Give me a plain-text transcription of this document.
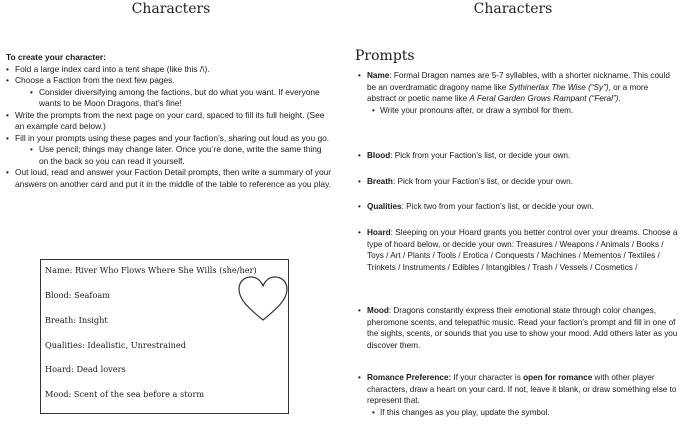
Characters
To create your character:
• Fold a large index card into a tent shape (like this /\).
• Choose a Faction from the next few pages.
• Consider diversifying among the factions, but do what you want. If everyone wants to be Moon Dragons, that’s fine!
• Write the prompts from the next page on your card, spaced to fill its full height. (See an example card below.)
• Fill in your prompts using these pages and your faction’s, sharing out loud as you go.
• Use pencil; things may change later. Once you’re done, write the same thing on the back so you can read it yourself.
• Out loud, read and answer your Faction Detail prompts, then write a summary of your answers on another card and put it in the middle of the table to reference as you play.
Name: River Who Flows Where She Wills (she/her)
Blood: Seafoam
Breath: Insight
Qualities: Idealistic, Unrestrained
Hoard: Dead lovers
Mood: Scent of the sea before a storm
Characters
Prompts
• Name: Formal Dragon names are 5-7 syllables, with a shorter nickname. This could be an overdramatic dragony name like Sythinerlax The Wise (“Sy”), or a more abstract or poetic name like A Feral Garden Grows Rampant (“Feral”).
• Write your pronouns after, or draw a symbol for them.
• Blood: Pick from your Faction’s list, or decide your own.
• Breath: Pick from your Faction’s list, or decide your own.
• Qualities: Pick two from your faction’s list, or decide your own.
• Hoard: Sleeping on your Hoard grants you better control over your dreams. Choose a type of hoard below, or decide your own: Treasures / Weapons / Animals / Books / Toys / Art / Plants / Tools / Erotica / Conquests / Machines / Mementos / Textiles / Trinkets / Instruments / Edibles / Intangibles / Trash / Vessels / Cosmetics /
• Mood: Dragons constantly express their emotional state through color changes, pheromone scents, and telepathic music. Read your faction’s prompt and fill in one of the sights, scents, or sounds that you use to show your mood. Add others later as you discover them.
• Romance Preference: If your character is open for romance with other player characters, draw a heart on your card. If not, leave it blank, or draw something else to represent that.
• If this changes as you play, update the symbol.
